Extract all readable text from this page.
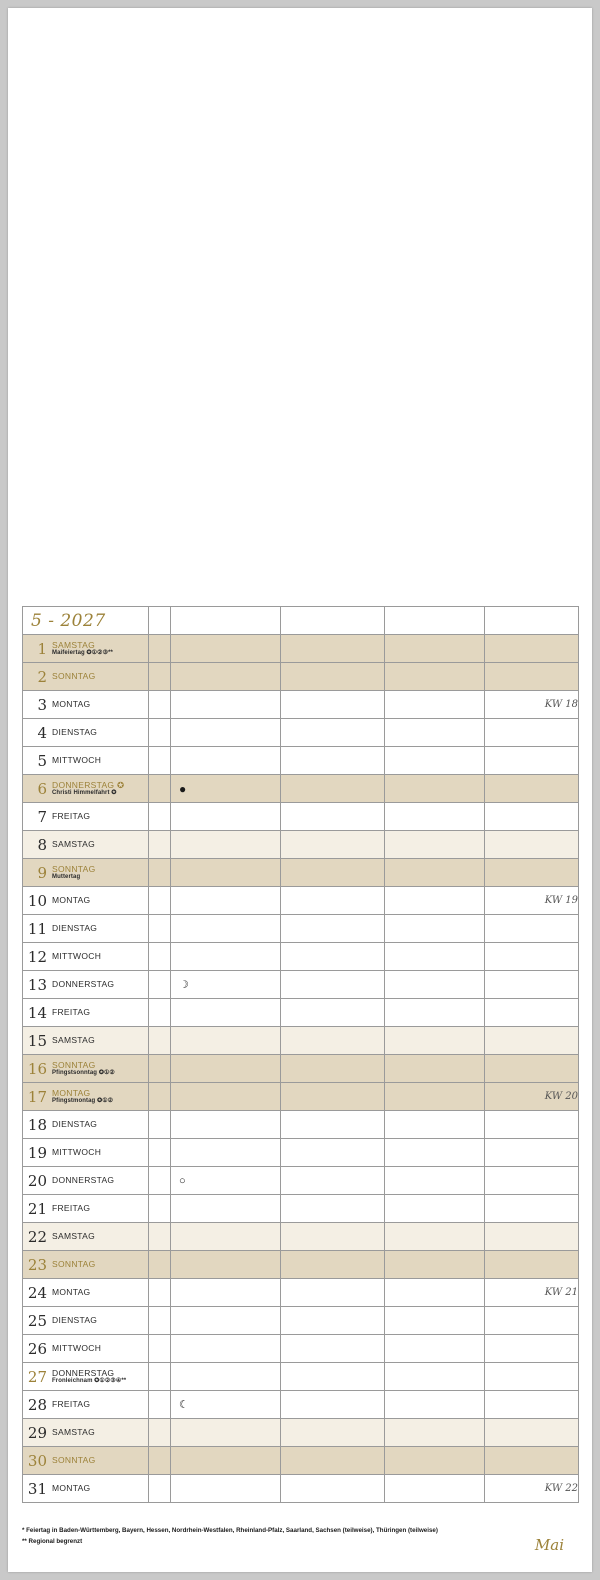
5 - 2027					
1 SAMSTAG
Maifeiertag ✪①②③**					

2 SONNTAG					

3 MONTAG					KW 18
4 DIENSTAG					

5 MITTWOCH					

6 DONNERSTAG ✪
Christi Himmelfahrt ✪		●			
7 FREITAG					

8 SAMSTAG					

9 SONNTAG
Muttertag					

10 MONTAG					KW 19
11 DIENSTAG					

12 MITTWOCH					

13 DONNERSTAG		☽			
14 FREITAG					

15 SAMSTAG					

16 SONNTAG
Pfingstsonntag ✪①②					

17 MONTAG
Pfingstmontag ✪①②					KW 20
18 DIENSTAG					

19 MITTWOCH					

20 DONNERSTAG		○			
21 FREITAG					

22 SAMSTAG					

23 SONNTAG					

24 MONTAG					KW 21
25 DIENSTAG					

26 MITTWOCH					

27 DONNERSTAG
Fronleichnam ✪①②③④**					

28 FREITAG		☾			
29 SAMSTAG					

30 SONNTAG					

31 MONTAG					KW 22
* Feiertag in Baden-Württemberg, Bayern, Hessen, Nordrhein-Westfalen, Rheinland-Pfalz, Saarland, Sachsen (teilweise), Thüringen (teilweise)
** Regional begrenzt	Mai
